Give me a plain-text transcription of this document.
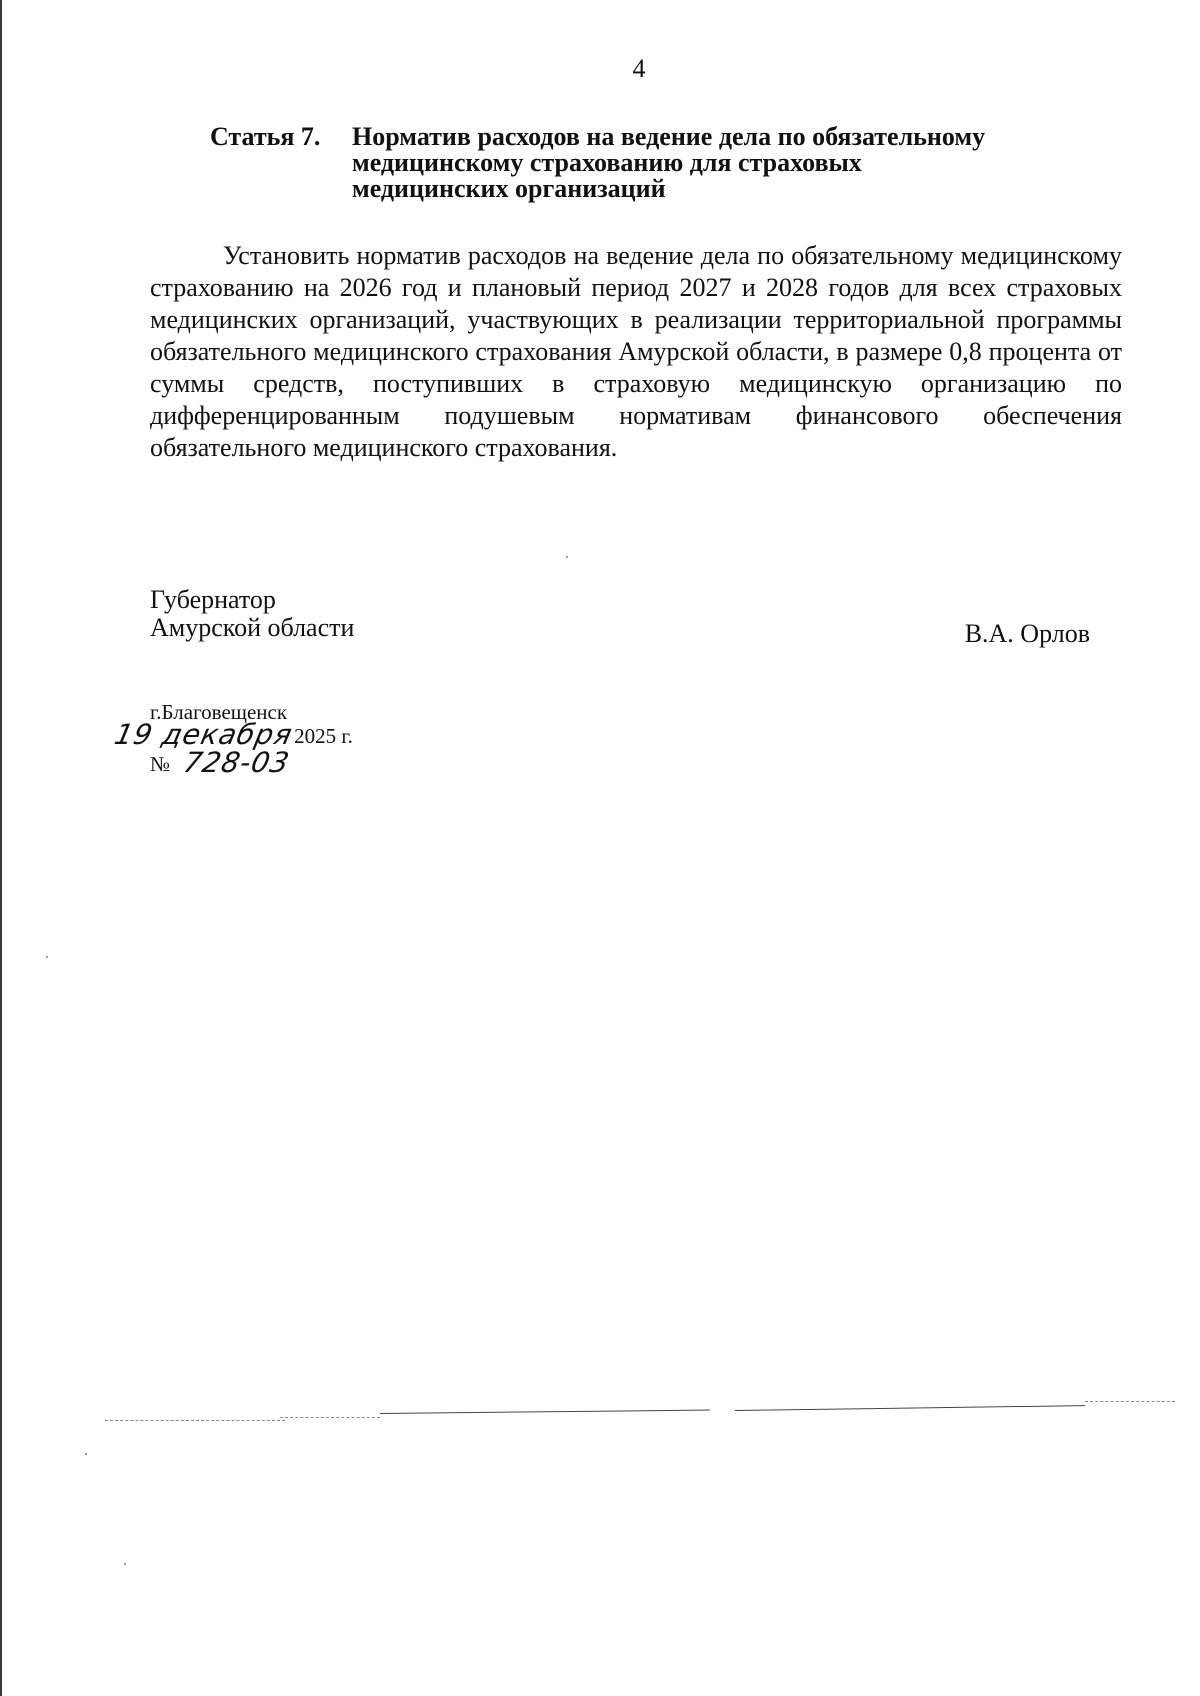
4
Статья 7.	Норматив расходов на ведение дела по обязательному
медицинскому страхованию для страховых
медицинских организаций

Установить норматив расходов на ведение дела по обязательному медицинскому страхованию на 2026 год и плановый период 2027 и 2028 годов для всех страховых медицинских организаций, участвующих в реализации территориальной программы обязательного медицинского страхования Амурской области, в размере 0,8 процента от суммы средств, поступивших в страховую медицинскую организацию по дифференцированным подушевым нормативам финансового обеспечения обязательного медицинского страхования.

Губернатор
Амурской области	В.А. Орлов
г.Благовещенск
19 декабря
2025 г.
№ 728-03
